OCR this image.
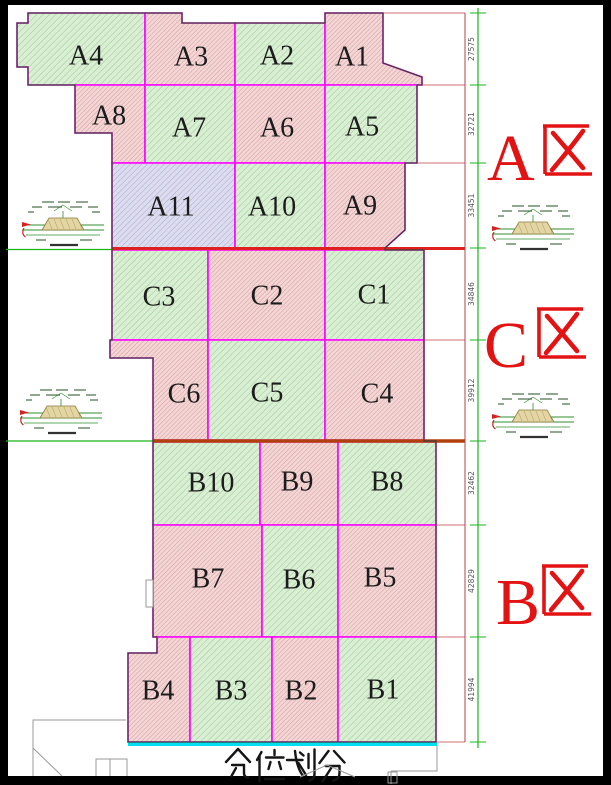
A4	A3 A2 A1
A8 A7 A6 A5
A11 A10 A9
C3	C2	C1
C6 C5	C4
B10 B9 B8
B7 B6 B5
B4 B3 B2 B1
27575
32721
33451
34846
39912
32462
42829
41994
A
C
B
